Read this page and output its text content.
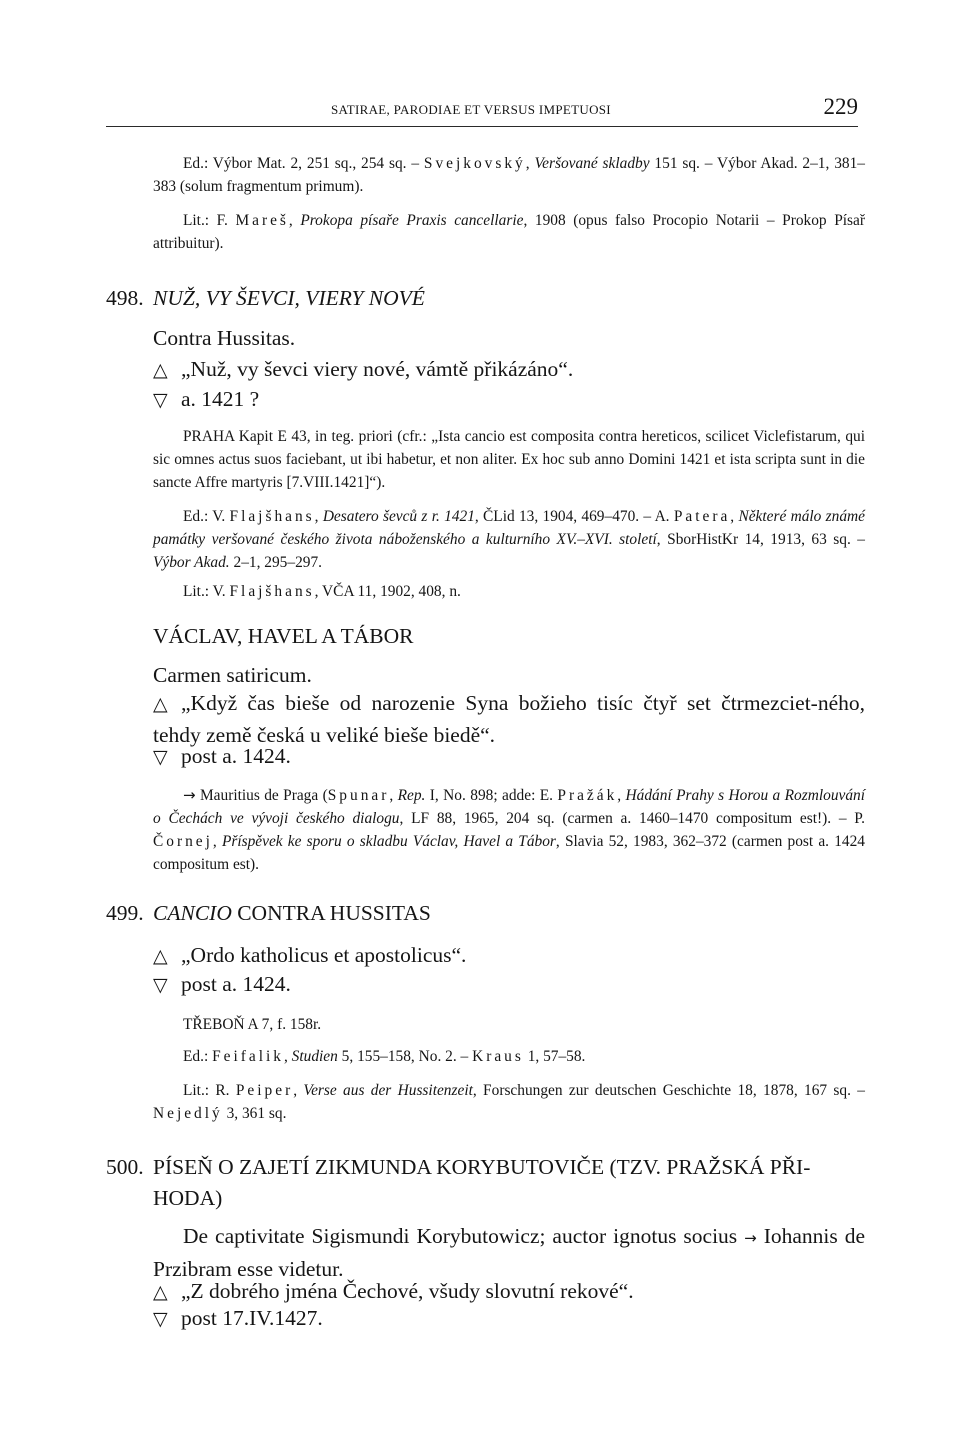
SATIRAE, PARODIAE ET VERSUS IMPETUOSI	229

Ed.: Výbor Mat. 2, 251 sq., 254 sq. – Svejkovský, Veršované skladby 151 sq. – Výbor Akad. 2–1, 381–383 (solum fragmentum primum).

Lit.: F. Mareš, Prokopa písaře Praxis cancellarie, 1908 (opus falso Procopio Notarii – Prokop Písař attribuitur).

498. NUŽ, VY ŠEVCI, VIERY NOVÉ

Contra Hussitas.

△ „Nuž, vy ševci viery nové, vámtě přikázáno“.

▽ a. 1421 ?

PRAHA Kapit E 43, in teg. priori (cfr.: „Ista cancio est composita contra hereticos, scilicet Viclefistarum, qui sic omnes actus suos faciebant, ut ibi habetur, et non aliter. Ex hoc sub anno Domini 1421 et ista scripta sunt in die sancte Affre martyris [7.VIII.1421]“).

Ed.: V. Flajšhans, Desatero ševců z r. 1421, ČLid 13, 1904, 469–470. – A. Patera, Některé málo známé památky veršované českého života náboženského a kulturního XV.–XVI. století, SborHistKr 14, 1913, 63 sq. – Výbor Akad. 2–1, 295–297.

Lit.: V. Flajšhans, VČA 11, 1902, 408, n.

VÁCLAV, HAVEL A TÁBOR

Carmen satiricum.

△ „Když čas bieše od narozenie Syna božieho tisíc čtyř set čtrmezciet-ného, tehdy země česká u veliké bieše biedě“.

▽ post a. 1424.

→ Mauritius de Praga (Spunar, Rep. I, No. 898; adde: E. Pražák, Hádání Prahy s Horou a Rozmlouvání o Čechách ve vývoji českého dialogu, LF 88, 1965, 204 sq. (carmen a. 1460–1470 compositum est!). – P. Čornej, Příspěvek ke sporu o skladbu Václav, Havel a Tábor, Slavia 52, 1983, 362–372 (carmen post a. 1424 compositum est).

499. CANCIO CONTRA HUSSITAS

△ „Ordo katholicus et apostolicus“.

▽ post a. 1424.

TŘEBOŇ A 7, f. 158r.

Ed.: Feifalik, Studien 5, 155–158, No. 2. – Kraus 1, 57–58.

Lit.: R. Peiper, Verse aus der Hussitenzeit, Forschungen zur deutschen Geschichte 18, 1878, 167 sq. – Nejedlý 3, 361 sq.

500. PÍSEŇ O ZAJETÍ ZIKMUNDA KORYBUTOVIČE (TZV. PRAŽSKÁ PŘI-HODA)

De captivitate Sigismundi Korybutowicz; auctor ignotus socius → Iohannis de Przibram esse videtur.

△ „Z dobrého jména Čechové, všudy slovutní rekové“.

▽ post 17.IV.1427.
